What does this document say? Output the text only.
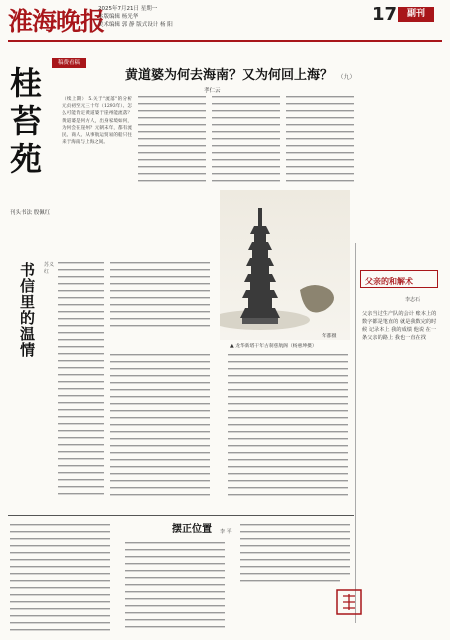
淮海晚报
2025年7月21日 星期一
本版编辑 杨光华
美术编辑 郭 静 版式设计 杨 阳	17	副刊
稿费看稿
桂苔苑
刊头书法 殷佩红
黄道婆为何去海南？又为何回上海？ （九）
孝仁云
（续上期） 5.关于"流落"的分析 元贞初至元三十年（1293年）、怎么可能肯定黄道婆于崖州能流落？黄道婆是何方人，出身家境如何，为何会在崖州？元朝末年，都有流民、商人、从事航运贸易的船只往来于海南与上海之间。
年都摄
▲ 龙华新塔干年古刹慈航阁（杨惠坤摄）
书信里的温情
苏义红
父亲的和解术
李志石
父亲当过生产队的会计 账本上的数字都是笔直的 就是我数完的时候 记录本上 我的成绩 他说 在一条父亲的路上 我也一直在找
摆正位置 李 平
